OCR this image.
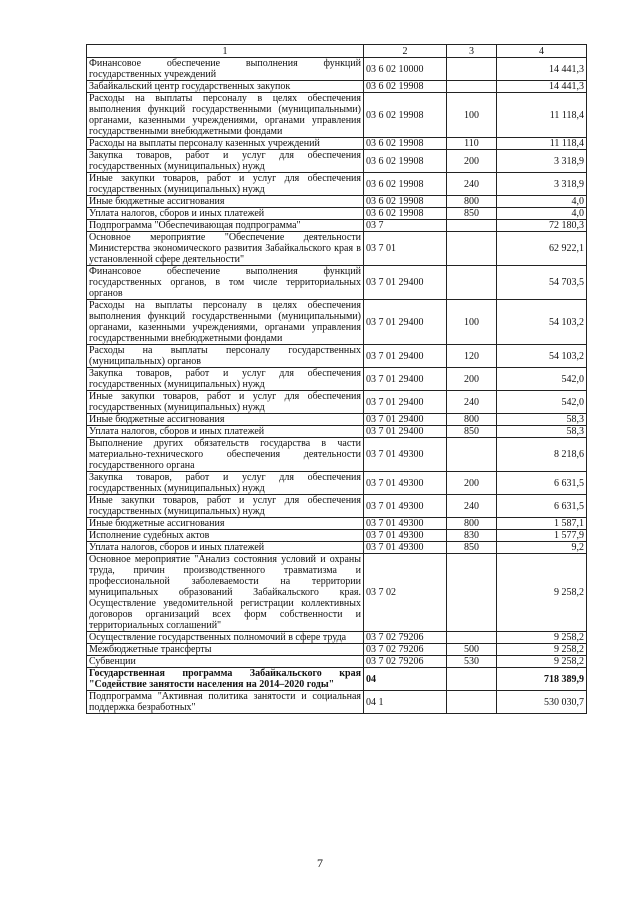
1	2	3	4
Финансовое обеспечение выполнения функций государственных учреждений	03 6 02 10000		14 441,3
Забайкальский центр государственных закупок	03 6 02 19908		14 441,3
Расходы на выплаты персоналу в целях обеспечения выполнения функций государственными (муниципальными) органами, казенными учреждениями, органами управления государственными внебюджетными фондами	03 6 02 19908	100	11 118,4
Расходы на выплаты персоналу казенных учреждений	03 6 02 19908	110	11 118,4
Закупка товаров, работ и услуг для обеспечения государственных (муниципальных) нужд	03 6 02 19908	200	3 318,9
Иные закупки товаров, работ и услуг для обеспечения государственных (муниципальных) нужд	03 6 02 19908	240	3 318,9
Иные бюджетные ассигнования	03 6 02 19908	800	4,0
Уплата налогов, сборов и иных платежей	03 6 02 19908	850	4,0
Подпрограмма "Обеспечивающая подпрограмма"	03 7		72 180,3
Основное мероприятие "Обеспечение деятельности Министерства экономического развития Забайкальского края в установленной сфере деятельности"	03 7 01		62 922,1
Финансовое обеспечение выполнения функций государственных органов, в том числе территориальных органов	03 7 01 29400		54 703,5
Расходы на выплаты персоналу в целях обеспечения выполнения функций государственными (муниципальными) органами, казенными учреждениями, органами управления государственными внебюджетными фондами	03 7 01 29400	100	54 103,2
Расходы на выплаты персоналу государственных (муниципальных) органов	03 7 01 29400	120	54 103,2
Закупка товаров, работ и услуг для обеспечения государственных (муниципальных) нужд	03 7 01 29400	200	542,0
Иные закупки товаров, работ и услуг для обеспечения государственных (муниципальных) нужд	03 7 01 29400	240	542,0
Иные бюджетные ассигнования	03 7 01 29400	800	58,3
Уплата налогов, сборов и иных платежей	03 7 01 29400	850	58,3
Выполнение других обязательств государства в части материально-технического обеспечения деятельности государственного органа	03 7 01 49300		8 218,6
Закупка товаров, работ и услуг для обеспечения государственных (муниципальных) нужд	03 7 01 49300	200	6 631,5
Иные закупки товаров, работ и услуг для обеспечения государственных (муниципальных) нужд	03 7 01 49300	240	6 631,5
Иные бюджетные ассигнования	03 7 01 49300	800	1 587,1
Исполнение судебных актов	03 7 01 49300	830	1 577,9
Уплата налогов, сборов и иных платежей	03 7 01 49300	850	9,2
Основное мероприятие "Анализ состояния условий и охраны труда, причин производственного травматизма и профессиональной заболеваемости на территории муниципальных образований Забайкальского края. Осуществление уведомительной регистрации коллективных договоров организаций всех форм собственности и территориальных соглашений"	03 7 02		9 258,2
Осуществление государственных полномочий в сфере труда	03 7 02 79206		9 258,2
Межбюджетные трансферты	03 7 02 79206	500	9 258,2
Субвенции	03 7 02 79206	530	9 258,2
Государственная программа Забайкальского края "Содействие занятости населения на 2014–2020 годы"	04		718 389,9
Подпрограмма "Активная политика занятости и социальная поддержка безработных"	04 1		530 030,7
7
